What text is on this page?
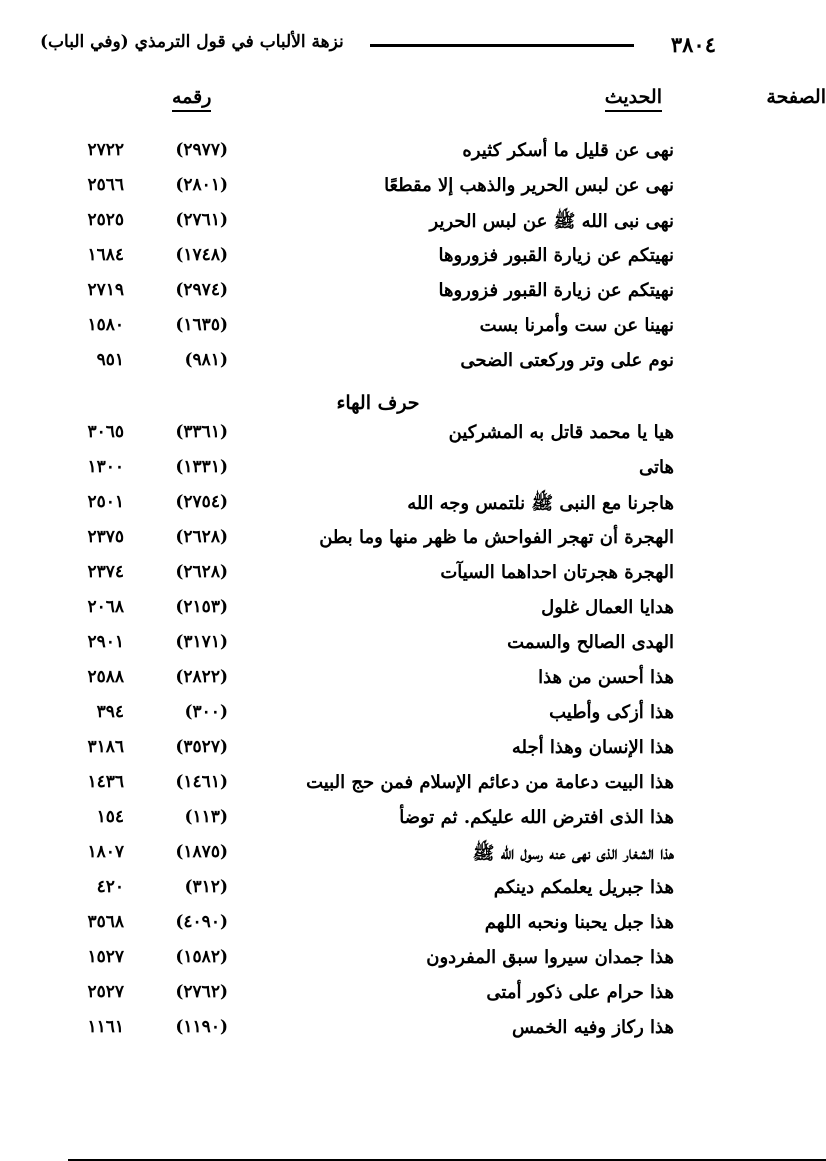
٣٨٠٤
نزهة الألباب في قول الترمذي (وفي الباب)
الحديث
رقمه	الصفحة
نهى عن قليل ما أسكر كثيره
(٢٩٧٧)
٢٧٢٢
نهى عن لبس الحرير والذهب إلا مقطعًا
(٢٨٠١)
٢٥٦٦
نهى نبى الله ﷺ عن لبس الحرير
(٢٧٦١)
٢٥٢٥
نهيتكم عن زيارة القبور فزوروها
(١٧٤٨)
١٦٨٤
نهيتكم عن زيارة القبور فزوروها
(٢٩٧٤)
٢٧١٩
نهينا عن ست وأمرنا بست
(١٦٣٥)
١٥٨٠
نوم على وتر وركعتى الضحى
(٩٨١)
٩٥١
حرف الهاء
هيا يا محمد قاتل به المشركين
(٣٣٦١)
٣٠٦٥
هاتى
(١٣٣١)
١٣٠٠
هاجرنا مع النبى ﷺ نلتمس وجه الله
(٢٧٥٤)
٢٥٠١
الهجرة أن تهجر الفواحش ما ظهر منها وما بطن
(٢٦٢٨)
٢٣٧٥
الهجرة هجرتان احداهما السيآت
(٢٦٢٨)
٢٣٧٤
هدايا العمال غلول
(٢١٥٣)
٢٠٦٨
الهدى الصالح والسمت
(٣١٧١)
٢٩٠١
هذا أحسن من هذا
(٢٨٢٢)
٢٥٨٨
هذا أزكى وأطيب
(٣٠٠)
٣٩٤
هذا الإنسان وهذا أجله
(٣٥٢٧)
٣١٨٦
هذا البيت دعامة من دعائم الإسلام فمن حج البيت
(١٤٦١)
١٤٣٦
هذا الذى افترض الله عليكم. ثم توضأ
(١١٣)
١٥٤
هذا الشغار الذى نهى عنه رسول الله ﷺ
(١٨٧٥)
١٨٠٧
هذا جبريل يعلمكم دينكم
(٣١٢)
٤٢٠
هذا جبل يحبنا ونحبه اللهم
(٤٠٩٠)
٣٥٦٨
هذا جمدان سيروا سبق المفردون
(١٥٨٢)
١٥٢٧
هذا حرام على ذكور أمتى
(٢٧٦٢)
٢٥٢٧
هذا ركاز وفيه الخمس
(١١٩٠)
١١٦١
